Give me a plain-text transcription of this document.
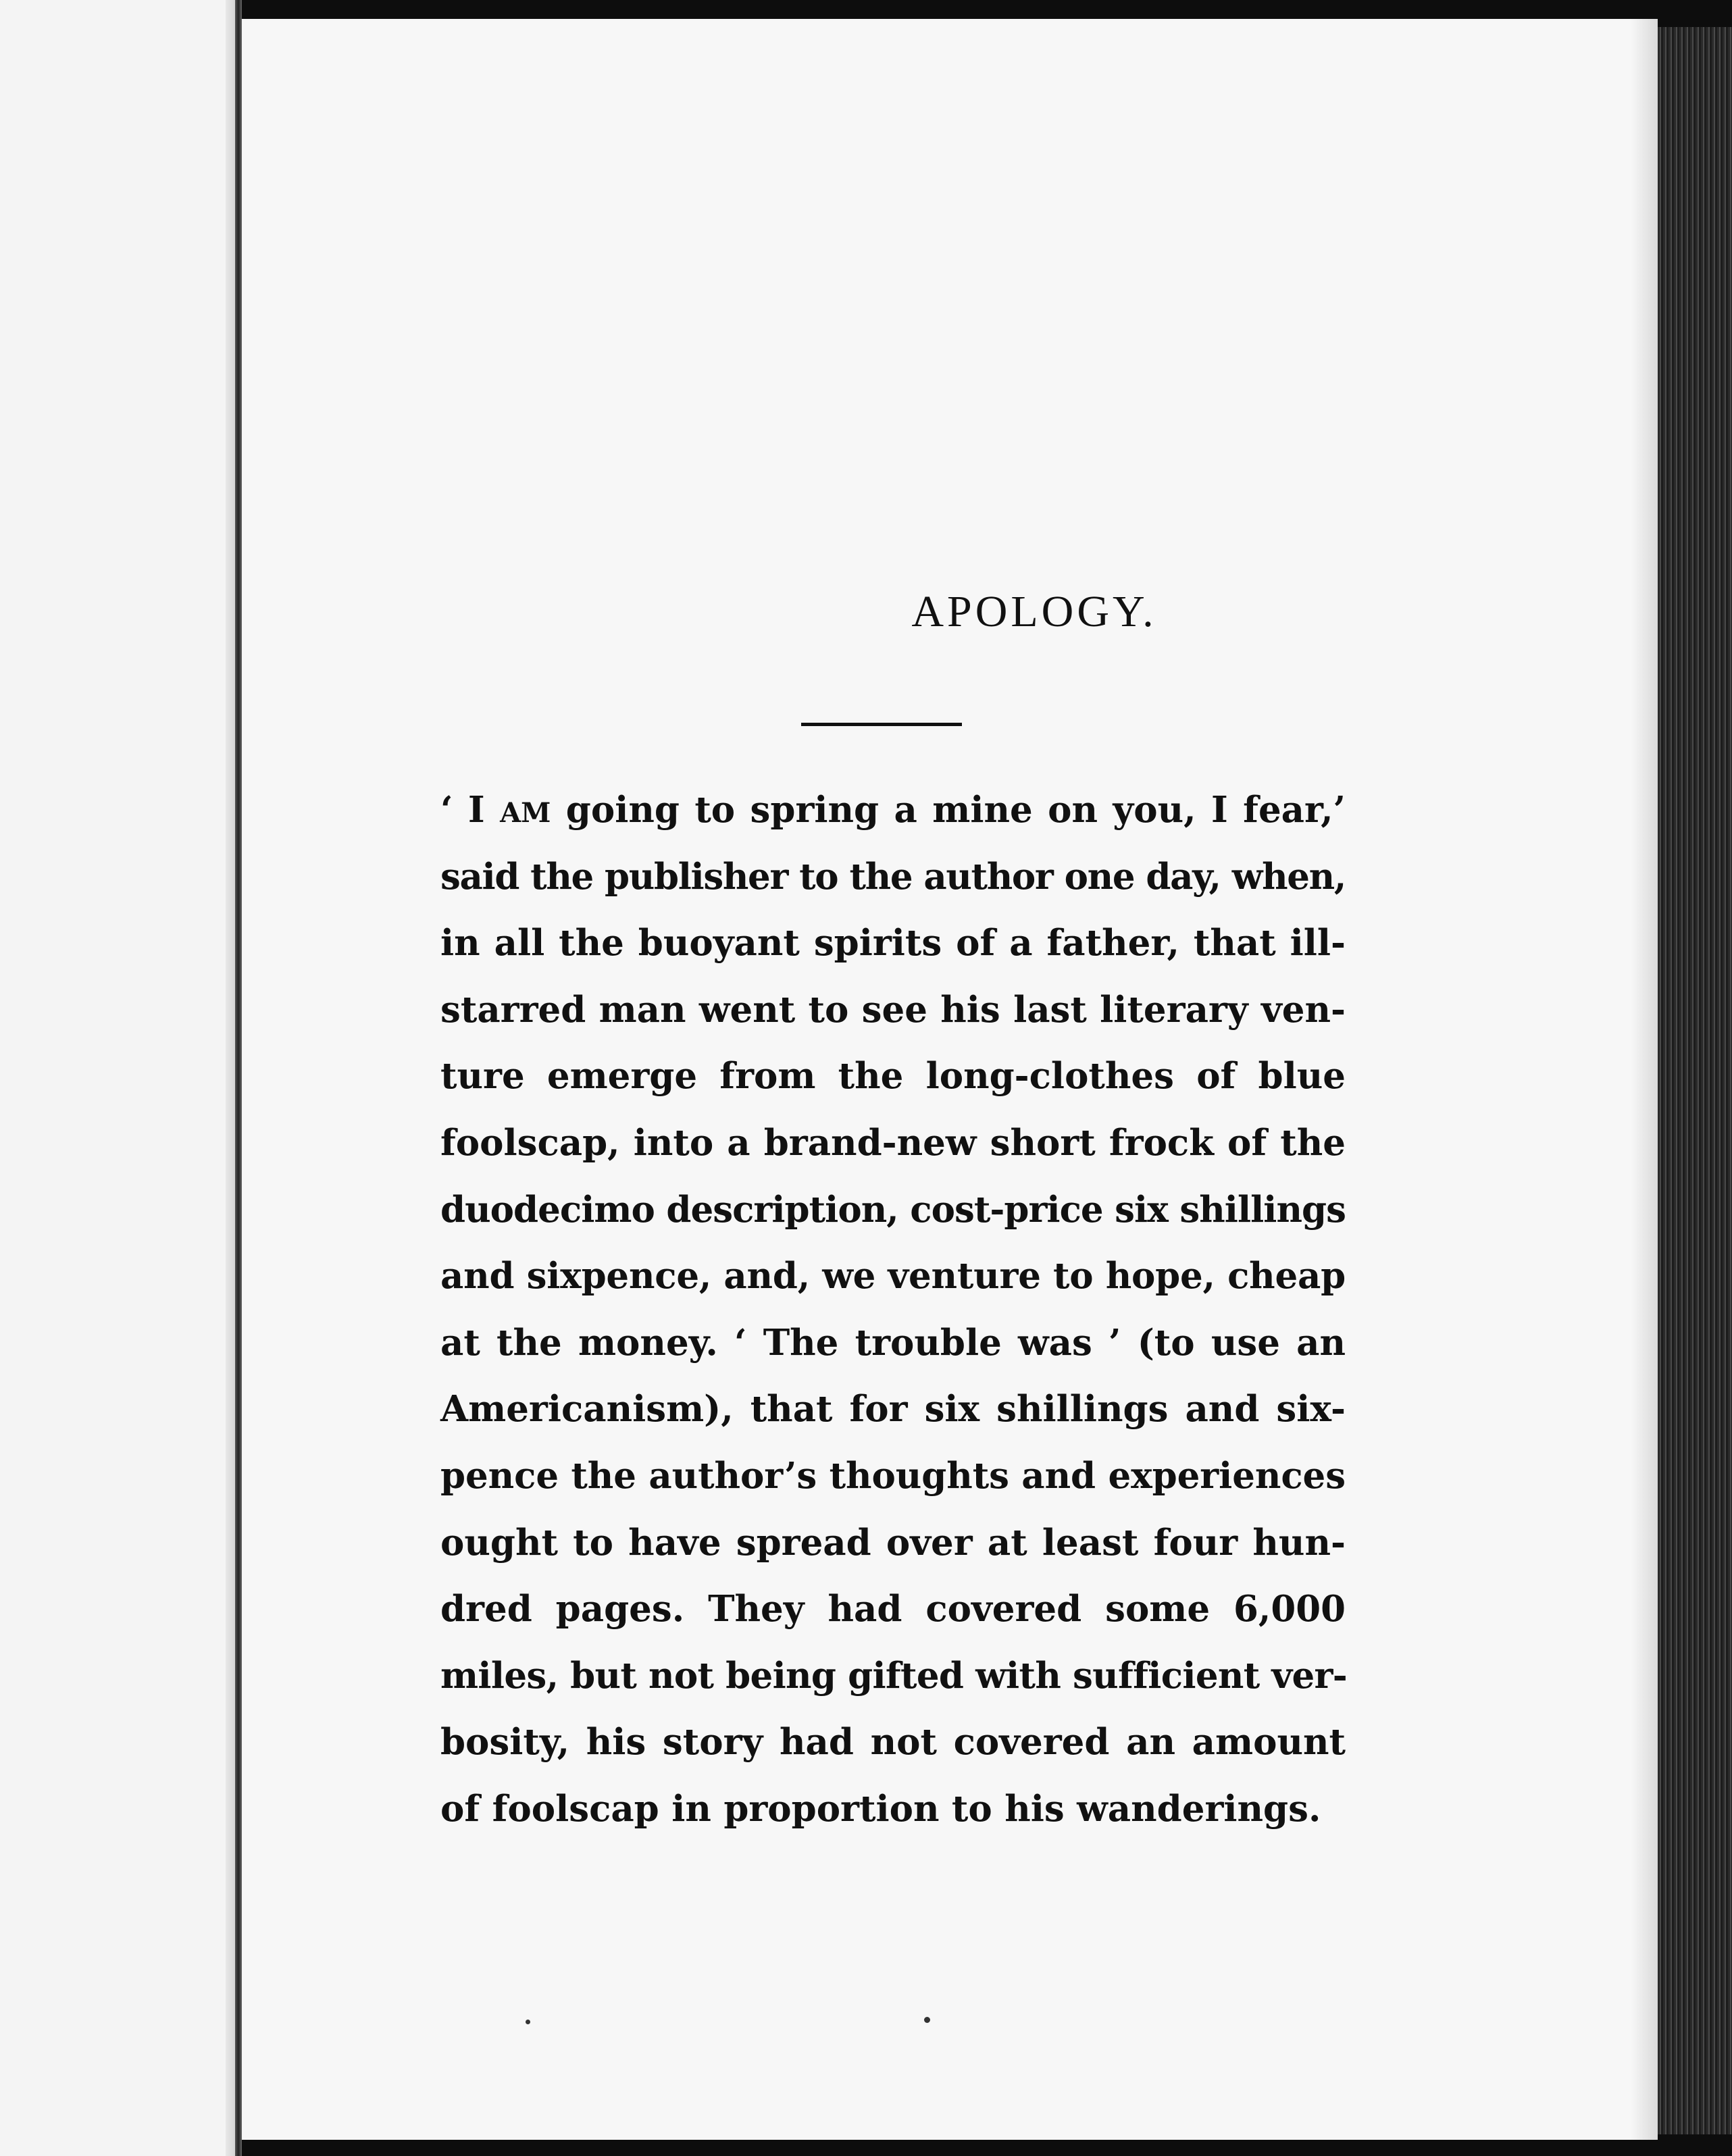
APOLOGY.
‘ I AM going to spring a mine on you, I fear,’
said the publisher to the author one day, when,
in all the buoyant spirits of a father, that ill-
starred man went to see his last literary ven-
ture emerge from the long-clothes of blue
foolscap, into a brand-new short frock of the
duodecimo description, cost-price six shillings
and sixpence, and, we venture to hope, cheap
at the money. ‘ The trouble was ’ (to use an
Americanism), that for six shillings and six-
pence the author’s thoughts and experiences
ought to have spread over at least four hun-
dred pages. They had covered some 6,000
miles, but not being gifted with sufficient ver-
bosity, his story had not covered an amount
of foolscap in proportion to his wanderings.
